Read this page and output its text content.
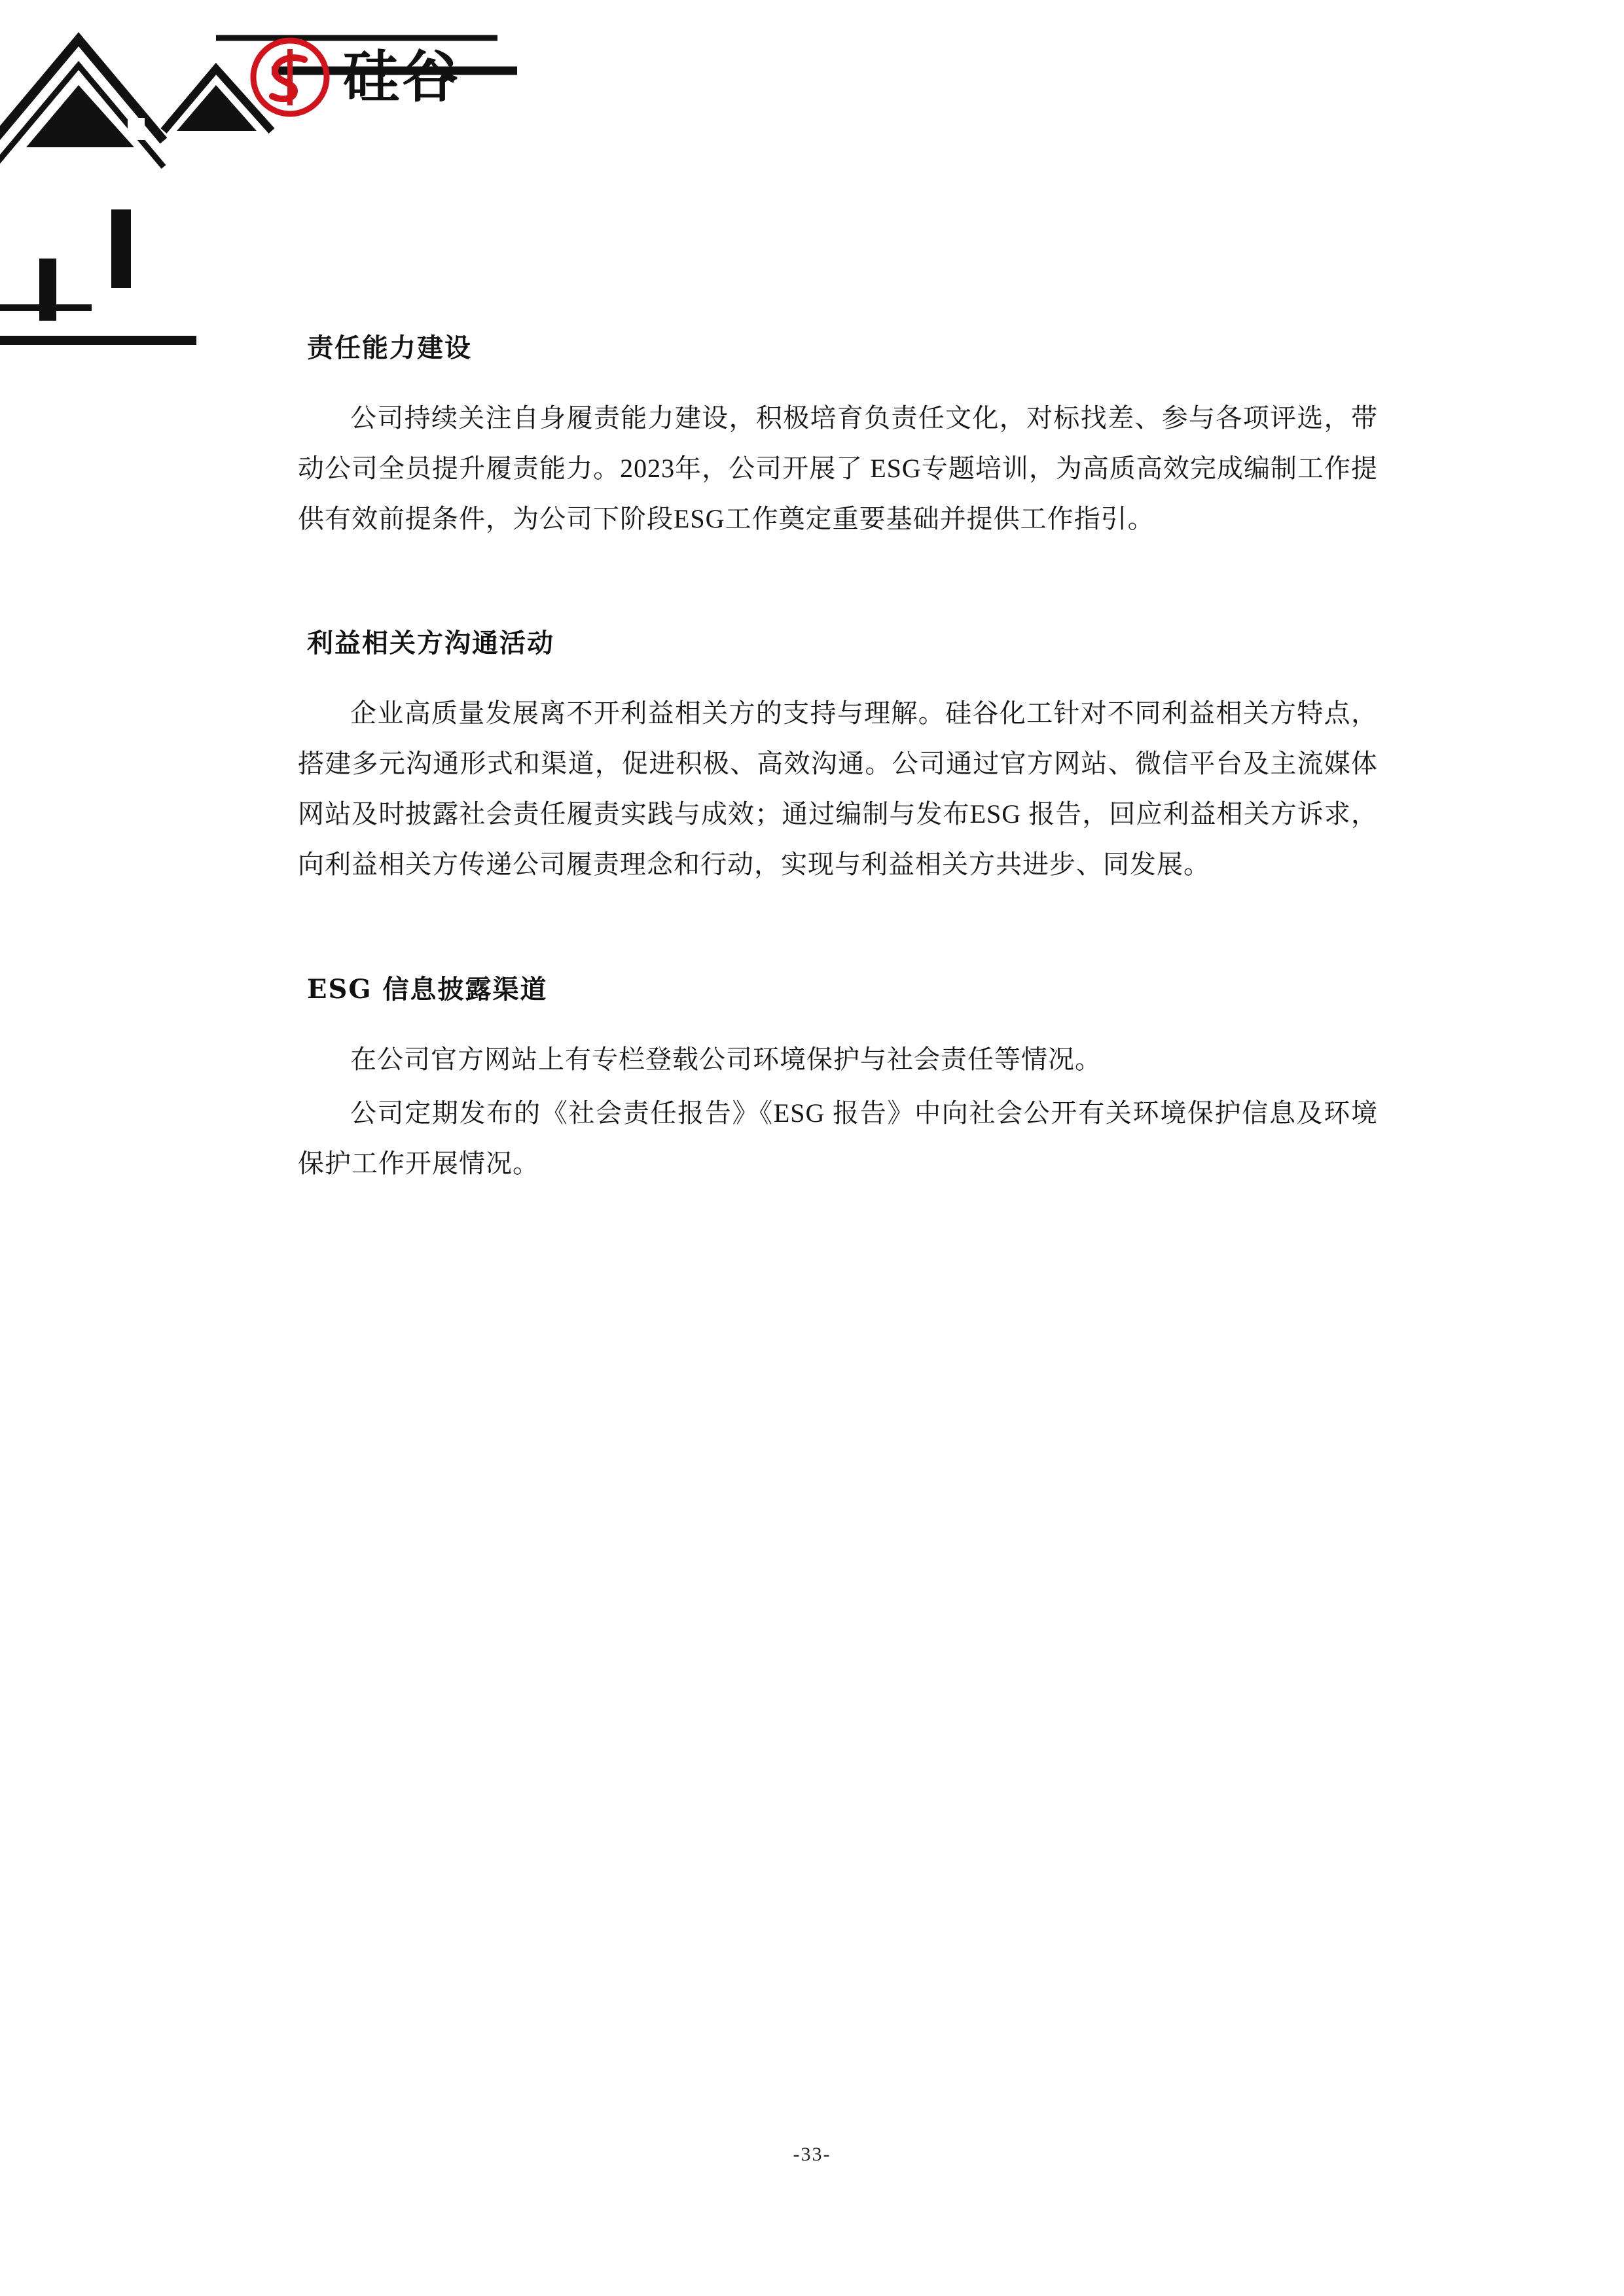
硅谷
责任能力建设

公司持续关注自身履责能力建设，积极培育负责任文化，对标找差、参与各项评选，带动公司全员提升履责能力。2023年，公司开展了 ESG专题培训，为高质高效完成编制工作提供有效前提条件，为公司下阶段ESG工作奠定重要基础并提供工作指引。

利益相关方沟通活动

企业高质量发展离不开利益相关方的支持与理解。硅谷化工针对不同利益相关方特点，搭建多元沟通形式和渠道，促进积极、高效沟通。公司通过官方网站、微信平台及主流媒体网站及时披露社会责任履责实践与成效；通过编制与发布ESG 报告，回应利益相关方诉求，向利益相关方传递公司履责理念和行动，实现与利益相关方共进步、同发展。

ESG 信息披露渠道

在公司官方网站上有专栏登载公司环境保护与社会责任等情况。

公司定期发布的《社会责任报告》《ESG 报告》中向社会公开有关环境保护信息及环境保护工作开展情况。

-33-
